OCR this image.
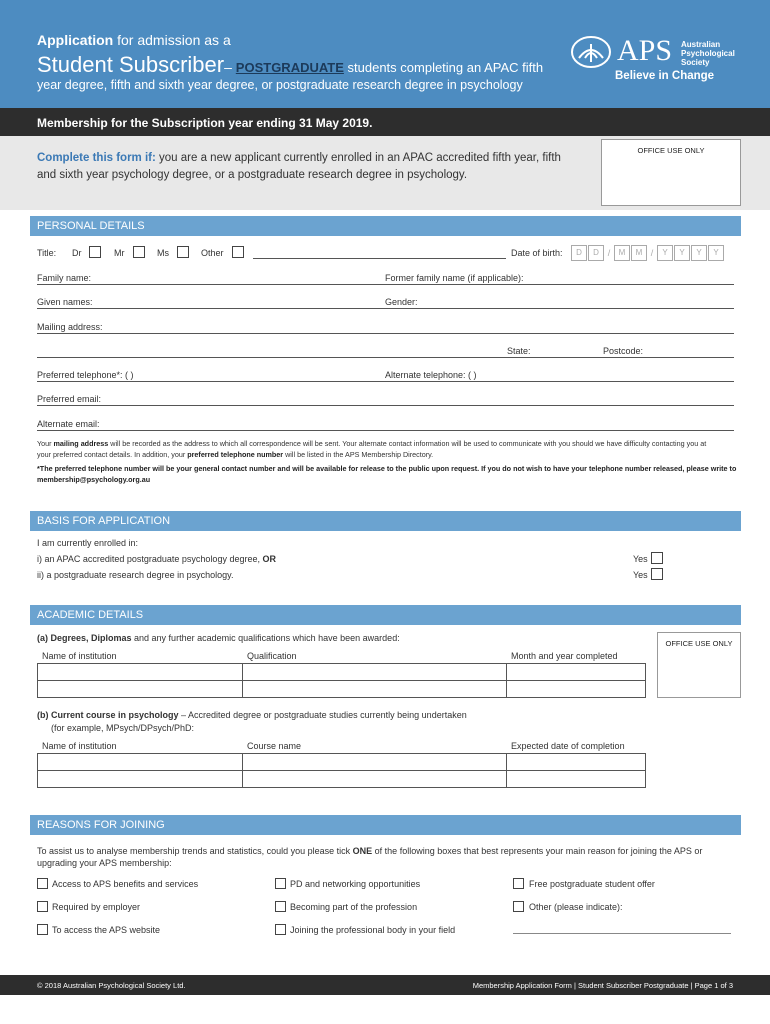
Application for admission as a
Student Subscriber– POSTGRADUATE students completing an APAC fifth
year degree, fifth and sixth year degree, or postgraduate research degree in psychology
APS Australian
Psychological
Society
Believe in Change
Membership for the Subscription year ending 31 May 2019.
Complete this form if: you are a new applicant currently enrolled in an APAC accredited fifth year, fifth and sixth year psychology degree, or a postgraduate research degree in psychology.
OFFICE USE ONLY
PERSONAL DETAILS
Title: Dr	Mr	Ms	Other	Date of birth:	D	D /	M	M /	Y	Y	Y	Y
Family name:	Former family name (if applicable):
Given names:	Gender:
Mailing address:
State:	Postcode:
Preferred telephone*: ( )	Alternate telephone: ( )
Preferred email:
Alternate email:
Your mailing address will be recorded as the address to which all correspondence will be sent. Your alternate contact information will be used to communicate with you should we have difficulty contacting you at your preferred contact details. In addition, your preferred telephone number will be listed in the APS Membership Directory.
*The preferred telephone number will be your general contact number and will be available for release to the public upon request. If you do not wish to have your telephone number released, please write to membership@psychology.org.au
BASIS FOR APPLICATION
I am currently enrolled in:
i) an APAC accredited postgraduate psychology degree, OR	Yes
ii) a postgraduate research degree in psychology.	Yes
ACADEMIC DETAILS
(a) Degrees, Diplomas and any further academic qualifications which have been awarded:
OFFICE USE ONLY
Name of institution	Qualification	Month and year completed

(b) Current course in psychology – Accredited degree or postgraduate studies currently being undertaken
(for example, MPsych/DPsych/PhD:
Name of institution	Course name	Expected date of completion

REASONS FOR JOINING
To assist us to analyse membership trends and statistics, could you please tick ONE of the following boxes that best represents your main reason for joining the APS or upgrading your APS membership:
Access to APS benefits and services	PD and networking opportunities	Free postgraduate student offer
Required by employer	Becoming part of the profession	Other (please indicate):
To access the APS website	Joining the professional body in your field
© 2018 Australian Psychological Society Ltd.	Membership Application Form | Student Subscriber Postgraduate | Page 1 of 3
